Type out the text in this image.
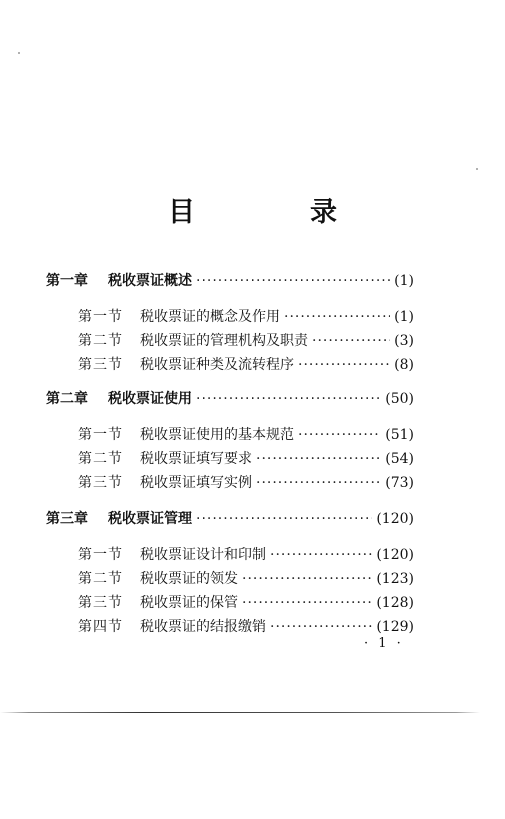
目　录
第一章	税收票证概述 ·····	(1)
第一节	税收票证的概念及作用 ·····	(1)
第二节	税收票证的管理机构及职责 ·····	(3)
第三节	税收票证种类及流转程序 ·····	(8)
第二章	税收票证使用 ·····	(50)
第一节	税收票证使用的基本规范 ·····	(51)
第二节	税收票证填写要求 ·····	(54)
第三节	税收票证填写实例 ·····	(73)
第三章	税收票证管理 ·····	(120)
第一节	税收票证设计和印制 ·····	(120)
第二节	税收票证的领发 ·····	(123)
第三节	税收票证的保管 ·····	(128)
第四节	税收票证的结报缴销 ·····	(129)
· 1 ·
